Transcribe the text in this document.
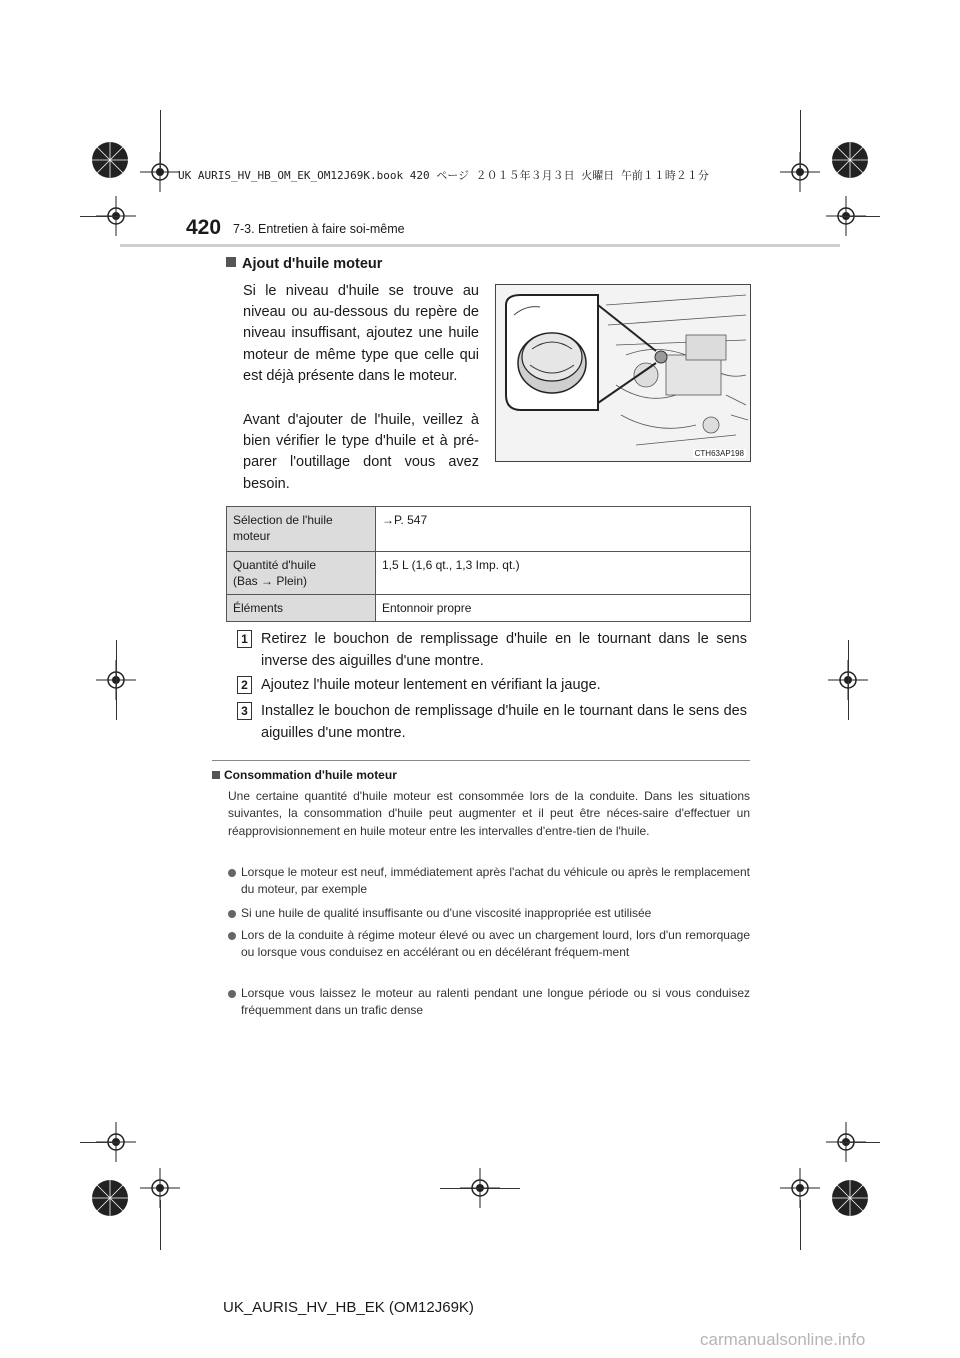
UK AURIS_HV_HB_OM_EK_OM12J69K.book 420 ページ ２０１５年３月３日 火曜日 午前１１時２１分
420 7-3. Entretien à faire soi-même
Ajout d'huile moteur
Si le niveau d'huile se trouve au niveau ou au-dessous du repère de niveau insuffisant, ajoutez une huile moteur de même type que celle qui est déjà présente dans le moteur.
Avant d'ajouter de l'huile, veillez à bien vérifier le type d'huile et à pré-parer l'outillage dont vous avez besoin.
CTH63AP198
Sélection de l'huile moteur	→P. 547

Quantité d'huile
(Bas → Plein)	1,5 L (1,6 qt., 1,3 Imp. qt.)
Éléments	Entonnoir propre
1 Retirez le bouchon de remplissage d'huile en le tournant dans le sens inverse des aiguilles d'une montre.
2 Ajoutez l'huile moteur lentement en vérifiant la jauge.
3 Installez le bouchon de remplissage d'huile en le tournant dans le sens des aiguilles d'une montre.
Consommation d'huile moteur
Une certaine quantité d'huile moteur est consommée lors de la conduite. Dans les situations suivantes, la consommation d'huile peut augmenter et il peut être néces-saire d'effectuer un réapprovisionnement en huile moteur entre les intervalles d'entre-tien de l'huile.
Lorsque le moteur est neuf, immédiatement après l'achat du véhicule ou après le remplacement du moteur, par exemple
Si une huile de qualité insuffisante ou d'une viscosité inappropriée est utilisée
Lors de la conduite à régime moteur élevé ou avec un chargement lourd, lors d'un remorquage ou lorsque vous conduisez en accélérant ou en décélérant fréquem-ment
Lorsque vous laissez le moteur au ralenti pendant une longue période ou si vous conduisez fréquemment dans un trafic dense
UK_AURIS_HV_HB_EK (OM12J69K)
carmanualsonline.info
